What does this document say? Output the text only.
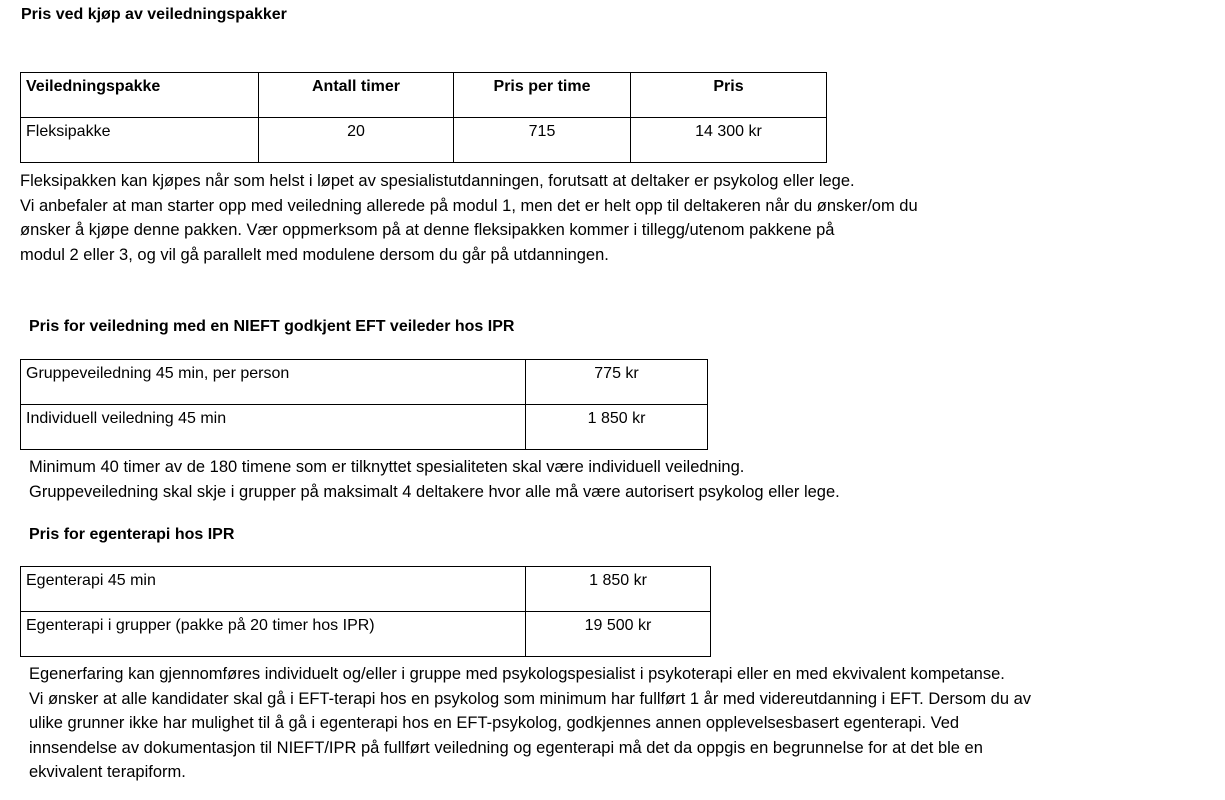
Pris ved kjøp av veiledningspakker
Veiledningspakke	Antall timer	Pris per time	Pris
Fleksipakke	20	715	14 300 kr
Fleksipakken kan kjøpes når som helst i løpet av spesialistutdanningen, forutsatt at deltaker er psykolog eller lege.
Vi anbefaler at man starter opp med veiledning allerede på modul 1, men det er helt opp til deltakeren når du ønsker/om du
ønsker å kjøpe denne pakken. Vær oppmerksom på at denne fleksipakken kommer i tillegg/utenom pakkene på
modul 2 eller 3, og vil gå parallelt med modulene dersom du går på utdanningen.
Pris for veiledning med en NIEFT godkjent EFT veileder hos IPR
Gruppeveiledning 45 min, per person	775 kr
Individuell veiledning 45 min	1 850 kr
Minimum 40 timer av de 180 timene som er tilknyttet spesialiteten skal være individuell veiledning.
Gruppeveiledning skal skje i grupper på maksimalt 4 deltakere hvor alle må være autorisert psykolog eller lege.
Pris for egenterapi hos IPR
Egenterapi 45 min	1 850 kr
Egenterapi i grupper (pakke på 20 timer hos IPR)	19 500 kr
Egenerfaring kan gjennomføres individuelt og/eller i gruppe med psykologspesialist i psykoterapi eller en med ekvivalent kompetanse.
Vi ønsker at alle kandidater skal gå i EFT-terapi hos en psykolog som minimum har fullført 1 år med videreutdanning i EFT. Dersom du av
ulike grunner ikke har mulighet til å gå i egenterapi hos en EFT-psykolog, godkjennes annen opplevelsesbasert egenterapi. Ved
innsendelse av dokumentasjon til NIEFT/IPR på fullført veiledning og egenterapi må det da oppgis en begrunnelse for at det ble en
ekvivalent terapiform.
